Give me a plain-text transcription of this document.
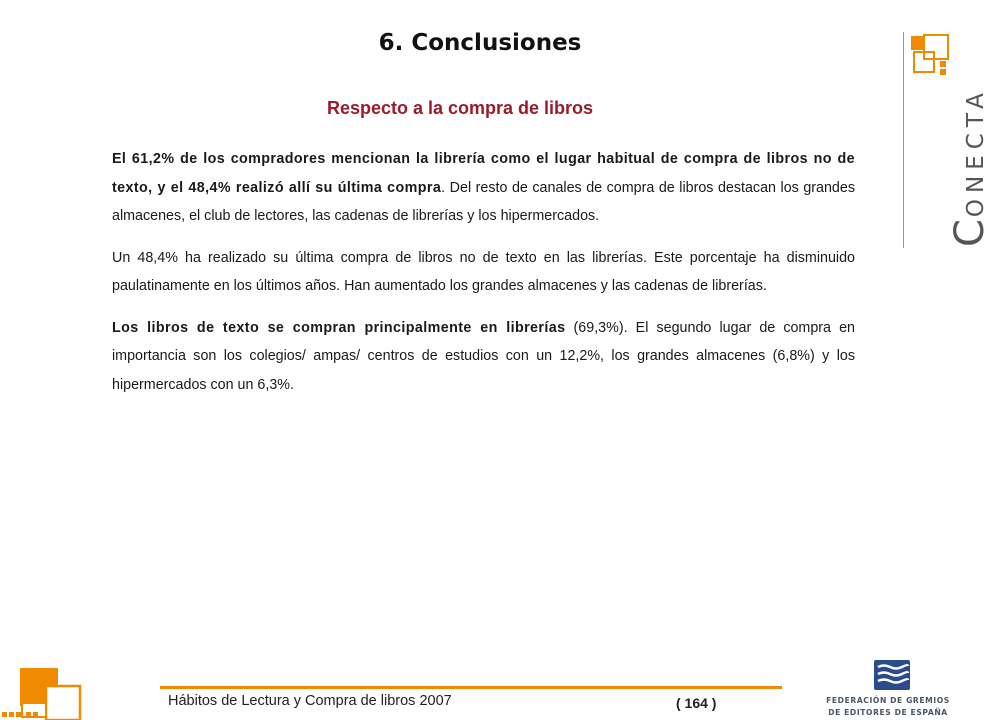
6. Conclusiones
Respecto a la compra de libros

El 61,2% de los compradores mencionan la librería como el lugar habitual de compra de libros no de texto, y el 48,4% realizó allí su última compra. Del resto de canales de compra de libros destacan los grandes almacenes, el club de lectores, las cadenas de librerías y los hipermercados.

Un 48,4% ha realizado su última compra de libros no de texto en las librerías. Este porcentaje ha disminuido paulatinamente en los últimos años. Han aumentado los grandes almacenes y las cadenas de librerías.

Los libros de texto se compran principalmente en librerías (69,3%). El segundo lugar de compra en importancia son los colegios/ ampas/ centros de estudios con un 12,2%, los grandes almacenes (6,8%) y los hipermercados con un 6,3%.

CONECTA
Hábitos de Lectura y Compra de libros 2007	( 164 )	FEDERACIÓN DE GREMIOS
DE EDITORES DE ESPAÑA
